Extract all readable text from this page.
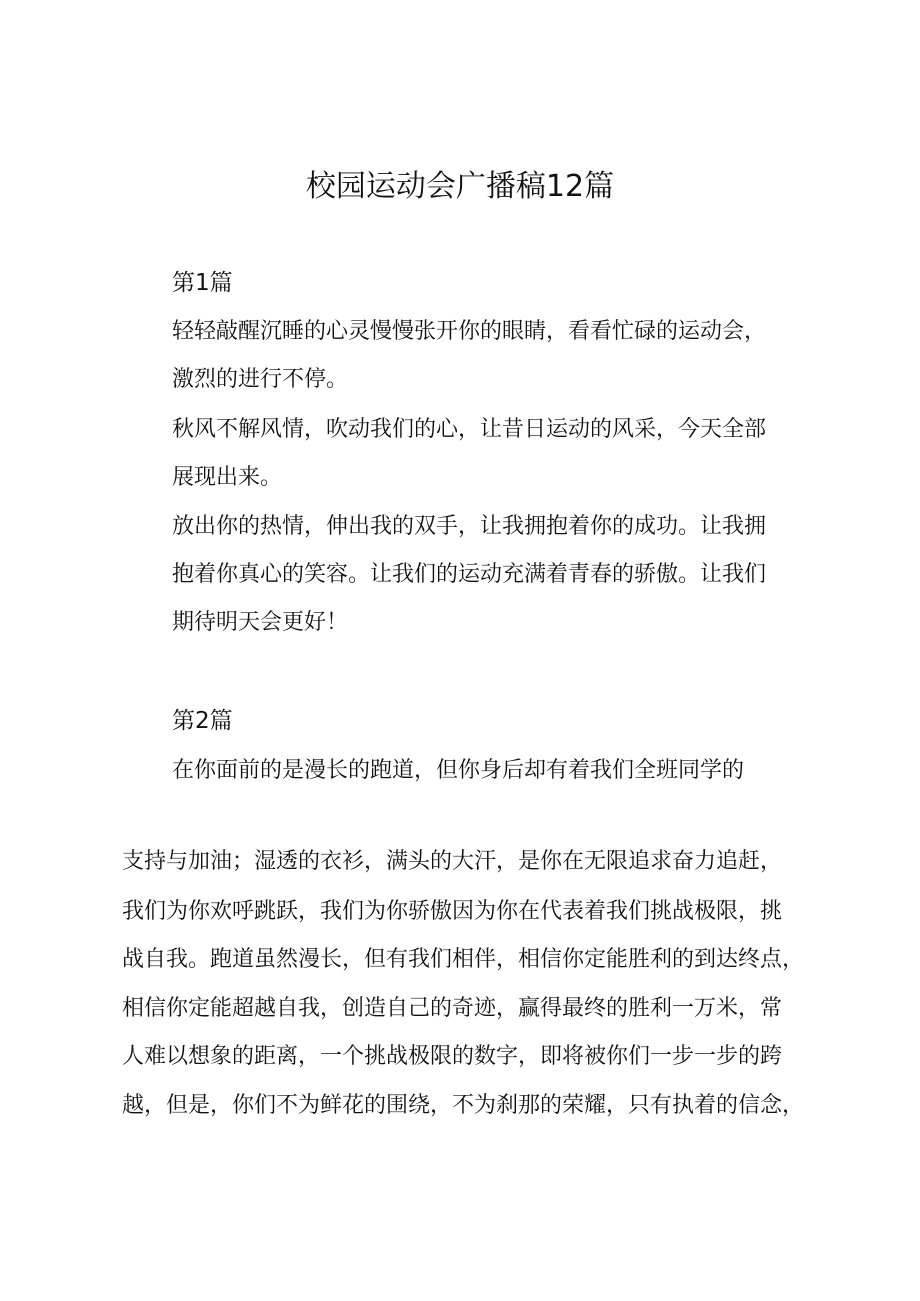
校园运动会广播稿12篇
第1篇

轻轻敲醒沉睡的心灵慢慢张开你的眼睛，看看忙碌的运动会，

激烈的进行不停。

秋风不解风情，吹动我们的心，让昔日运动的风采，今天全部

展现出来。

放出你的热情，伸出我的双手，让我拥抱着你的成功。让我拥

抱着你真心的笑容。让我们的运动充满着青春的骄傲。让我们

期待明天会更好！

第2篇

在你面前的是漫长的跑道，但你身后却有着我们全班同学的

支持与加油；湿透的衣衫，满头的大汗，是你在无限追求奋力追赶，

我们为你欢呼跳跃，我们为你骄傲因为你在代表着我们挑战极限，挑

战自我。跑道虽然漫长，但有我们相伴，相信你定能胜利的到达终点，

相信你定能超越自我，创造自己的奇迹，赢得最终的胜利一万米，常

人难以想象的距离，一个挑战极限的数字，即将被你们一步一步的跨

越，但是，你们不为鲜花的围绕，不为刹那的荣耀，只有执着的信念，
